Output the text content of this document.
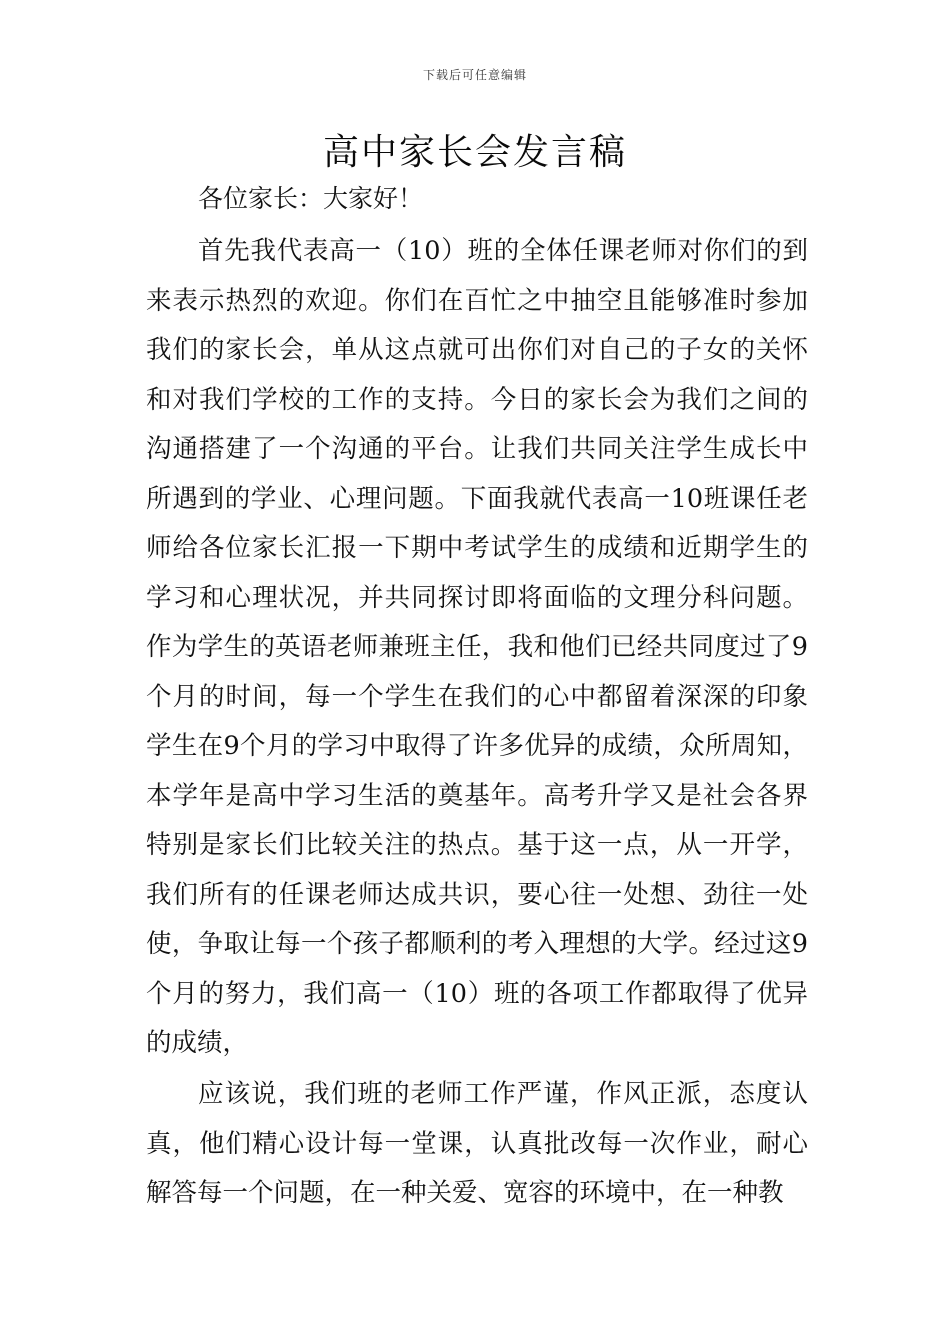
下载后可任意编辑
高中家长会发言稿
各位家长：大家好！

首先我代表高一（10）班的全体任课老师对你们的到来表示热烈的欢迎。你们在百忙之中抽空且能够准时参加我们的家长会，单从这点就可出你们对自己的子女的关怀和对我们学校的工作的支持。今日的家长会为我们之间的沟通搭建了一个沟通的平台。让我们共同关注学生成长中所遇到的学业、心理问题。下面我就代表高一10班课任老师给各位家长汇报一下期中考试学生的成绩和近期学生的学习和心理状况，并共同探讨即将面临的文理分科问题。作为学生的英语老师兼班主任，我和他们已经共同度过了9个月的时间，每一个学生在我们的心中都留着深深的印象学生在9个月的学习中取得了许多优异的成绩，众所周知，本学年是高中学习生活的奠基年。高考升学又是社会各界特别是家长们比较关注的热点。基于这一点，从一开学，我们所有的任课老师达成共识，要心往一处想、劲往一处使，争取让每一个孩子都顺利的考入理想的大学。经过这9个月的努力，我们高一（10）班的各项工作都取得了优异的成绩，

应该说，我们班的老师工作严谨，作风正派，态度认真，他们精心设计每一堂课，认真批改每一次作业，耐心解答每一个问题，在一种关爱、宽容的环境中，在一种教
